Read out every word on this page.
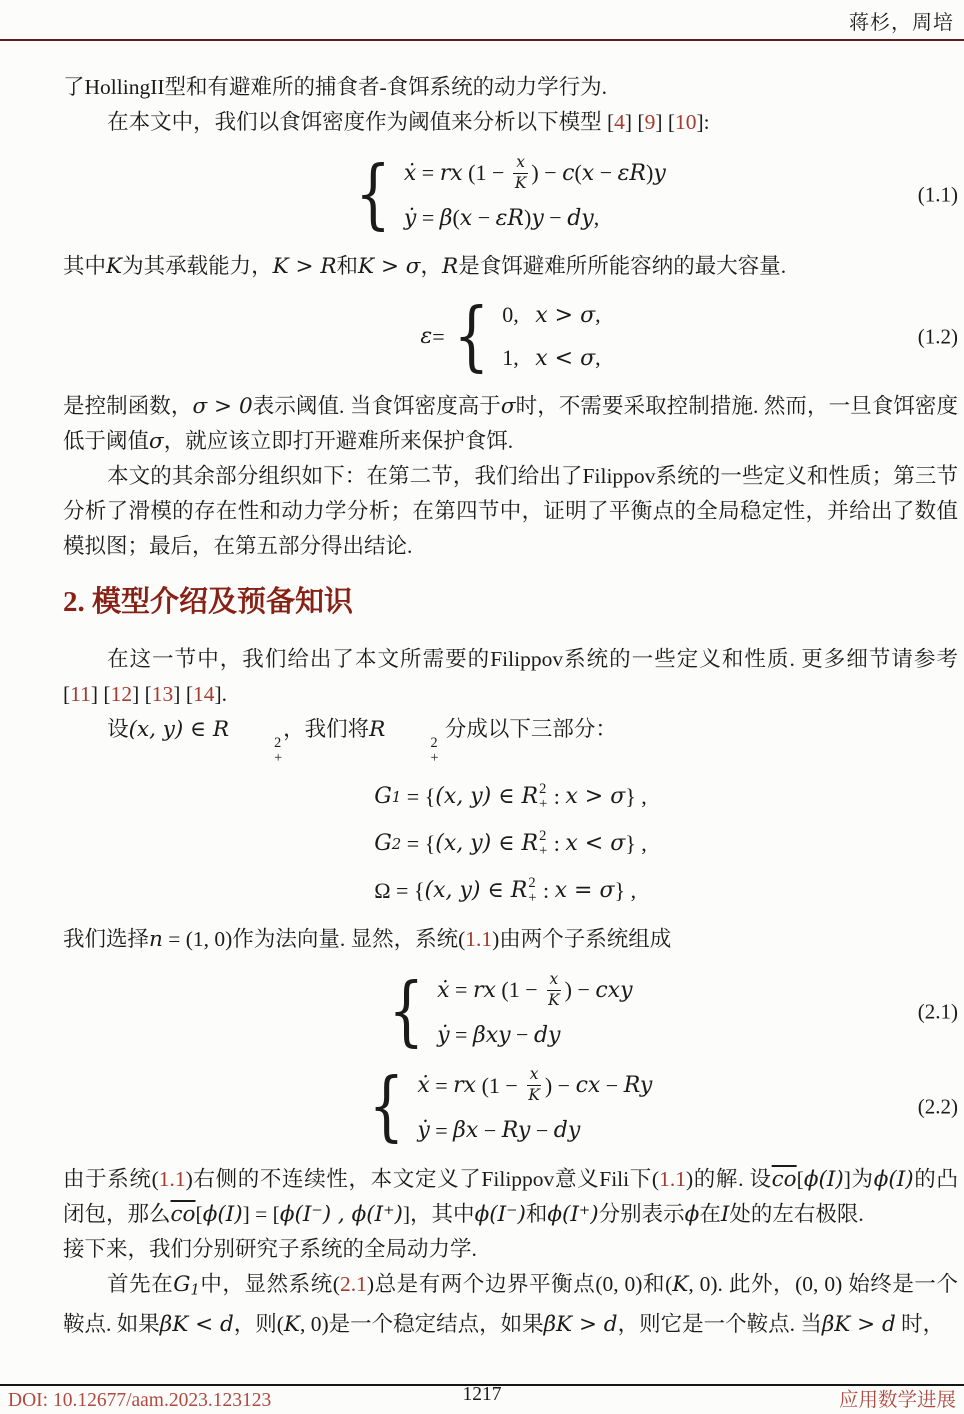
蒋杉，周培

了HollingII型和有避难所的捕食者-食饵系统的动力学行为.

在本文中，我们以食饵密度作为阈值来分析以下模型 [4] [9] [10]:

{ ẋ = rx ($1 - \frac{x}{K}$ ) − c ( x − εR ) y
ẏ = β ( x − εR ) y − dy ,
(1.1)

其中K为其承载能力，K > R和K > σ，R是食饵避难所所能容纳的最大容量.

ε = { 0, x > σ ,
1, x < σ ,
(1.2)

是控制函数，σ > 0表示阈值. 当食饵密度高于σ时，不需要采取控制措施. 然而，一旦食饵密度低于阈值σ，就应该立即打开避难所来保护食饵.

本文的其余部分组织如下：在第二节，我们给出了Filippov系统的一些定义和性质；第三节分析了滑模的存在性和动力学分析；在第四节中，证明了平衡点的全局稳定性，并给出了数值模拟图；最后，在第五部分得出结论.

2. 模型介绍及预备知识

在这一节中，我们给出了本文所需要的Filippov系统的一些定义和性质. 更多细节请参考 [11] [12] [13] [14].

设(x, y) ∈ R
2
+
，我们将R
2
+
分成以下三部分：

G 1 = { (x, y) ∈ R 2
+ : x > σ } ,
G 2 = { (x, y) ∈ R 2
+ : x < σ } ,
Ω = { (x, y) ∈ R 2
+ : x = σ } ,

我们选择n = (1, 0)作为法向量. 显然，系统(1.1)由两个子系统组成

{ ẋ = rx ($1 - \frac{x}{K}$ ) − cxy
ẏ = βxy − dy
(2.1)
{ ẋ = rx ($1 - \frac{x}{K}$ ) − cx − Ry
ẏ = βx − Ry − dy
(2.2)

由于系统(1.1)右侧的不连续性，本文定义了Filippov意义Fili下(1.1)的解. 设$\overline{co}[\phi(I)]$为ϕ(I)的凸闭包，那么$\overline{co}[\phi(I)] = [\phi(I^-)$ , ϕ(I⁺)]，其中ϕ(I⁻)和ϕ(I⁺)分别表示ϕ在I处的左右极限.

接下来，我们分别研究子系统的全局动力学.

首先在G1中，显然系统(2.1)总是有两个边界平衡点(0, 0)和(K, 0). 此外，(0, 0) 始终是一个鞍点. 如果βK < d，则(K, 0)是一个稳定结点，如果βK > d，则它是一个鞍点. 当βK > d 时，

DOI: 10.12677/aam.2023.123123	1217	应用数学进展
